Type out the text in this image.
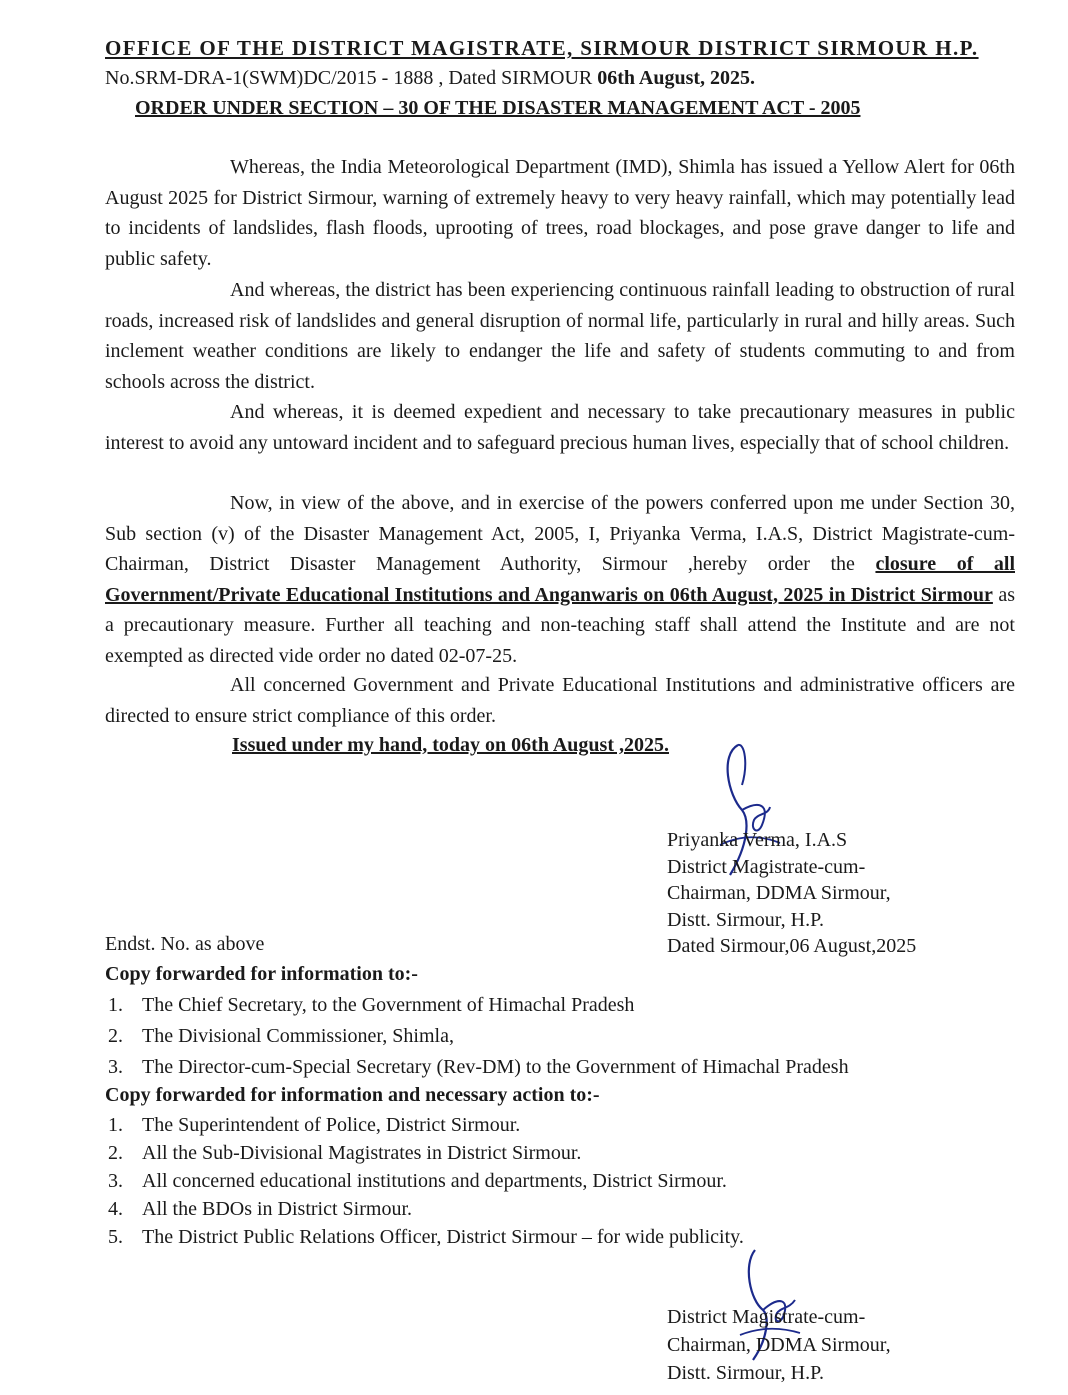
OFFICE OF THE DISTRICT MAGISTRATE, SIRMOUR DISTRICT SIRMOUR H.P.
No.SRM-DRA-1(SWM)DC/2015 - 1888 , Dated SIRMOUR 06th August, 2025.
ORDER UNDER SECTION – 30 OF THE DISASTER MANAGEMENT ACT - 2005
Whereas, the India Meteorological Department (IMD), Shimla has issued a Yellow Alert for 06th August 2025 for District Sirmour, warning of extremely heavy to very heavy rainfall, which may potentially lead to incidents of landslides, flash floods, uprooting of trees, road blockages, and pose grave danger to life and public safety.
And whereas, the district has been experiencing continuous rainfall leading to obstruction of rural roads, increased risk of landslides and general disruption of normal life, particularly in rural and hilly areas. Such inclement weather conditions are likely to endanger the life and safety of students commuting to and from schools across the district.
And whereas, it is deemed expedient and necessary to take precautionary measures in public interest to avoid any untoward incident and to safeguard precious human lives, especially that of school children.
Now, in view of the above, and in exercise of the powers conferred upon me under Section 30, Sub section (v) of the Disaster Management Act, 2005, I, Priyanka Verma, I.A.S, District Magistrate-cum-Chairman, District Disaster Management Authority, Sirmour ,hereby order the closure of all Government/Private Educational Institutions and Anganwaris on 06th August, 2025 in District Sirmour as a precautionary measure. Further all teaching and non-teaching staff shall attend the Institute and are not exempted as directed vide order no dated 02-07-25.
All concerned Government and Private Educational Institutions and administrative officers are directed to ensure strict compliance of this order.
Issued under my hand, today on 06th August ,2025.
Priyanka Verma, I.A.S
District Magistrate-cum-
Chairman, DDMA Sirmour,
Distt. Sirmour, H.P.
Dated Sirmour,06 August,2025
Endst. No. as above
Copy forwarded for information to:-
1. The Chief Secretary, to the Government of Himachal Pradesh
2. The Divisional Commissioner, Shimla,
3. The Director-cum-Special Secretary (Rev-DM) to the Government of Himachal Pradesh
Copy forwarded for information and necessary action to:-
1. The Superintendent of Police, District Sirmour.
2. All the Sub-Divisional Magistrates in District Sirmour.
3. All concerned educational institutions and departments, District Sirmour.
4. All the BDOs in District Sirmour.
5. The District Public Relations Officer, District Sirmour – for wide publicity.
District Magistrate-cum-
Chairman, DDMA Sirmour,
Distt. Sirmour, H.P.
